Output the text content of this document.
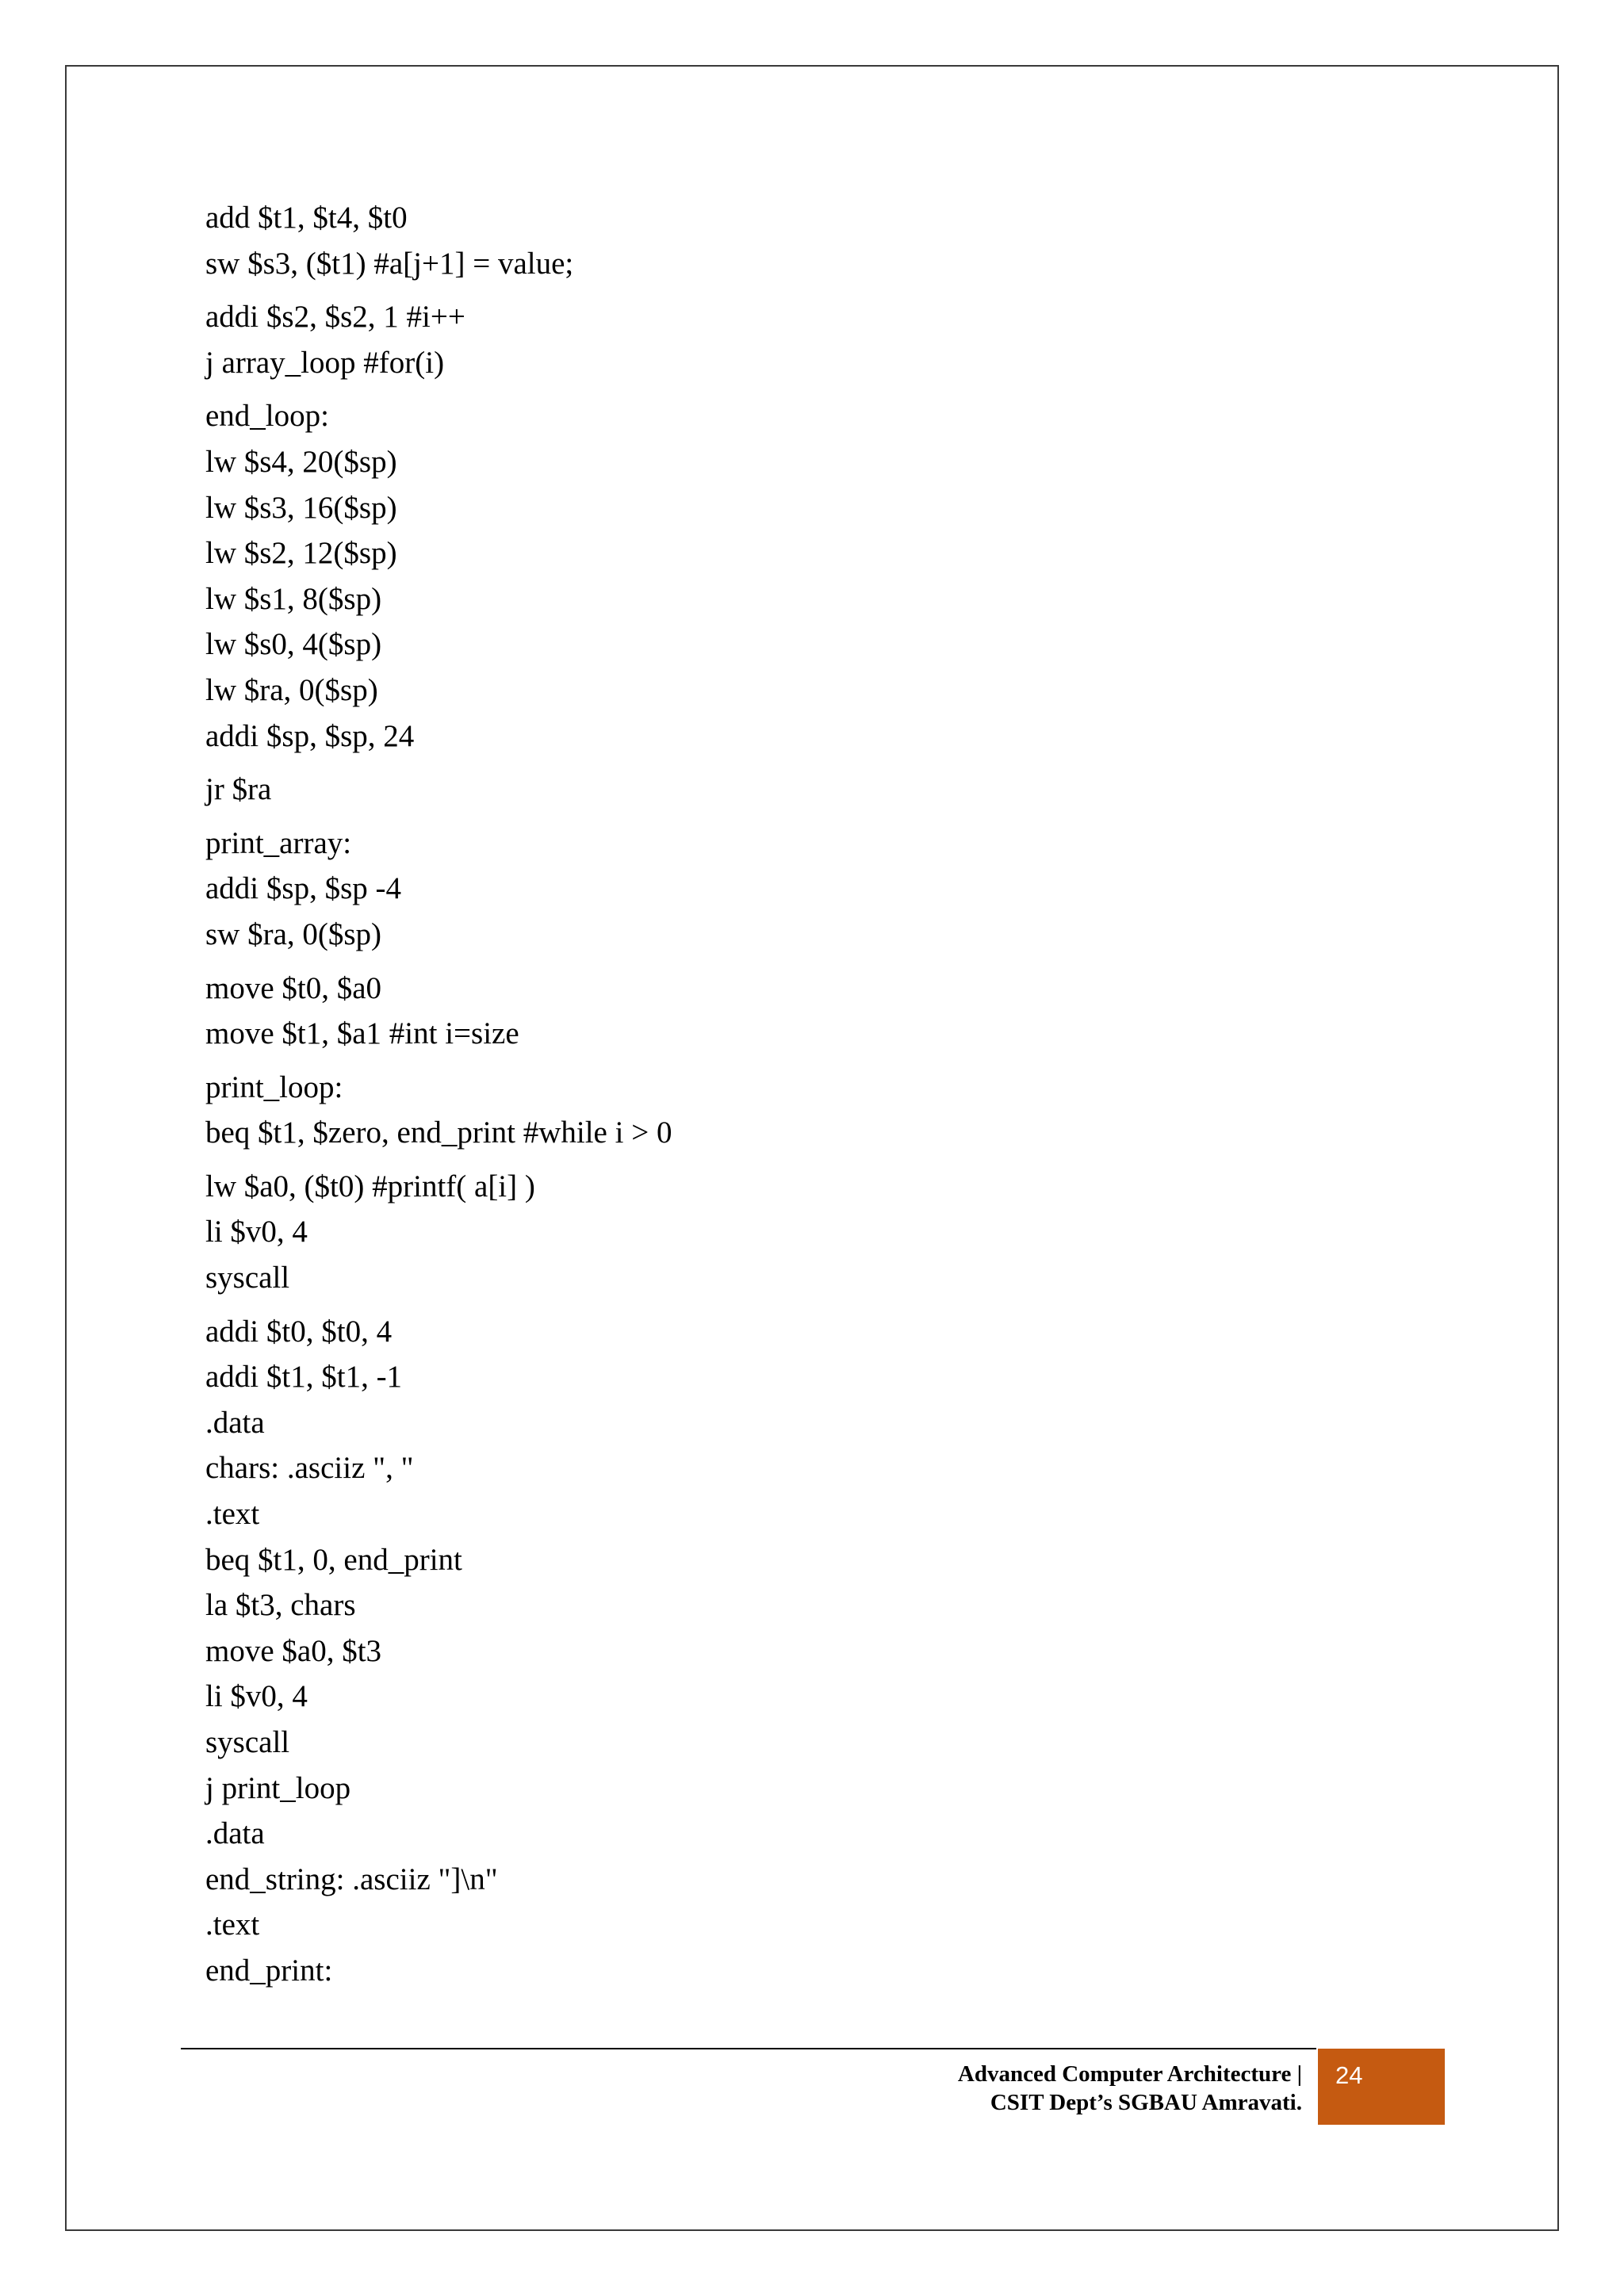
add $t1, $t4, $t0
sw $s3, ($t1) #a[j+1] = value;
addi $s2, $s2, 1 #i++
j array_loop #for(i)
end_loop:
lw $s4, 20($sp)
lw $s3, 16($sp)
lw $s2, 12($sp)
lw $s1, 8($sp)
lw $s0, 4($sp)
lw $ra, 0($sp)
addi $sp, $sp, 24
jr $ra
print_array:
addi $sp, $sp -4
sw $ra, 0($sp)
move $t0, $a0
move $t1, $a1 #int i=size
print_loop:
beq $t1, $zero, end_print #while i > 0
lw $a0, ($t0) #printf( a[i] )
li $v0, 4
syscall
addi $t0, $t0, 4
addi $t1, $t1, -1
.data
chars: .asciiz ", "
.text
beq $t1, 0, end_print
la $t3, chars
move $a0, $t3
li $v0, 4
syscall
j print_loop
.data
end_string: .asciiz "]\n"
.text
end_print:
Advanced Computer Architecture |
CSIT Dept’s SGBAU Amravati.
24
